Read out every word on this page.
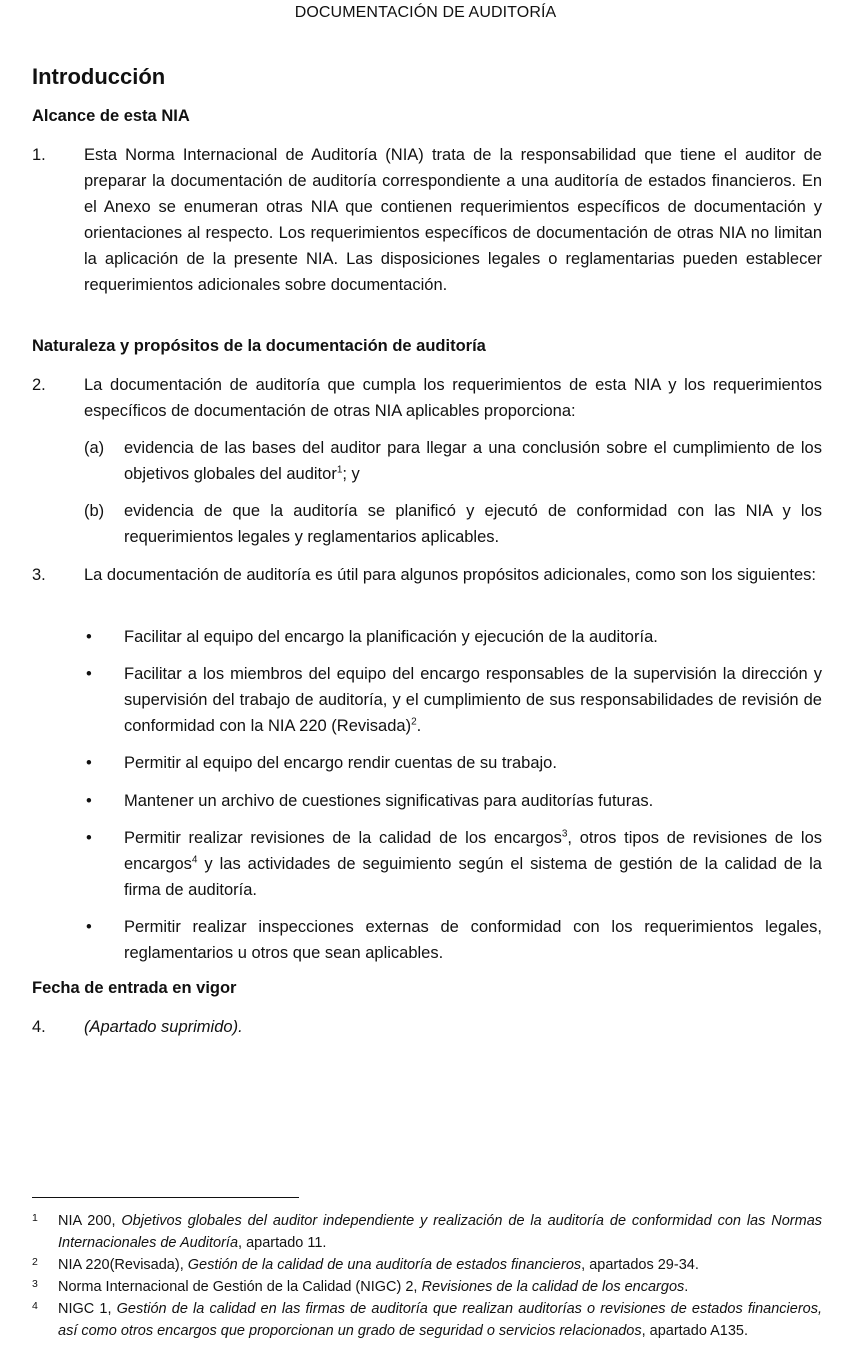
DOCUMENTACIÓN DE AUDITORÍA
Introducción
Alcance de esta NIA
1. Esta Norma Internacional de Auditoría (NIA) trata de la responsabilidad que tiene el auditor de preparar la documentación de auditoría correspondiente a una auditoría de estados financieros. En el Anexo se enumeran otras NIA que contienen requerimientos específicos de documentación y orientaciones al respecto. Los requerimientos específicos de documentación de otras NIA no limitan la aplicación de la presente NIA. Las disposiciones legales o reglamentarias pueden establecer requerimientos adicionales sobre documentación.
Naturaleza y propósitos de la documentación de auditoría
2. La documentación de auditoría que cumpla los requerimientos de esta NIA y los requerimientos específicos de documentación de otras NIA aplicables proporciona:
(a) evidencia de las bases del auditor para llegar a una conclusión sobre el cumplimiento de los objetivos globales del auditor$^1$; y
(b) evidencia de que la auditoría se planificó y ejecutó de conformidad con las NIA y los requerimientos legales y reglamentarios aplicables.
3. La documentación de auditoría es útil para algunos propósitos adicionales, como son los siguientes:
• Facilitar al equipo del encargo la planificación y ejecución de la auditoría.
• Facilitar a los miembros del equipo del encargo responsables de la supervisión la dirección y supervisión del trabajo de auditoría, y el cumplimiento de sus responsabilidades de revisión de conformidad con la NIA 220 (Revisada)$^2$.
• Permitir al equipo del encargo rendir cuentas de su trabajo.
• Mantener un archivo de cuestiones significativas para auditorías futuras.
• Permitir realizar revisiones de la calidad de los encargos$^3$, otros tipos de revisiones de los encargos$^4$ y las actividades de seguimiento según el sistema de gestión de la calidad de la firma de auditoría.
• Permitir realizar inspecciones externas de conformidad con los requerimientos legales, reglamentarios u otros que sean aplicables.
Fecha de entrada en vigor
4. (Apartado suprimido).
1 NIA 200, Objetivos globales del auditor independiente y realización de la auditoría de conformidad con las Normas Internacionales de Auditoría, apartado 11.
2 NIA 220(Revisada), Gestión de la calidad de una auditoría de estados financieros, apartados 29-34.
3 Norma Internacional de Gestión de la Calidad (NIGC) 2, Revisiones de la calidad de los encargos.
4 NIGC 1, Gestión de la calidad en las firmas de auditoría que realizan auditorías o revisiones de estados financieros, así como otros encargos que proporcionan un grado de seguridad o servicios relacionados, apartado A135.
